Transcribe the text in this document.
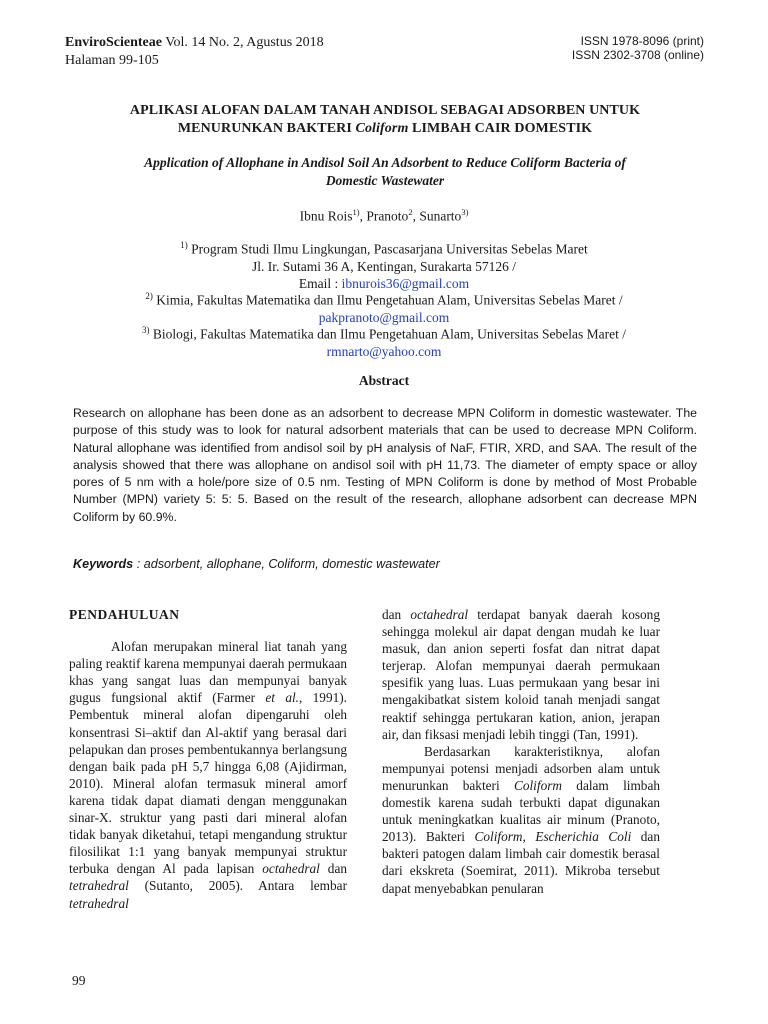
EnviroScienteae Vol. 14 No. 2, Agustus 2018
Halaman 99-105
ISSN 1978-8096 (print)
ISSN 2302-3708 (online)
APLIKASI ALOFAN DALAM TANAH ANDISOL SEBAGAI ADSORBEN UNTUK
MENURUNKAN BAKTERI Coliform LIMBAH CAIR DOMESTIK
Application of Allophane in Andisol Soil An Adsorbent to Reduce Coliform Bacteria of
Domestic Wastewater
Ibnu Rois$^{1)}$, Pranoto$^2$, Sunarto$^{3)}$
$^{1)}$ Program Studi Ilmu Lingkungan, Pascasarjana Universitas Sebelas Maret
Jl. Ir. Sutami 36 A, Kentingan, Surakarta 57126 /
Email : ibnurois36@gmail.com
$^{2)}$ Kimia, Fakultas Matematika dan Ilmu Pengetahuan Alam, Universitas Sebelas Maret /
pakpranoto@gmail.com
$^{3)}$ Biologi, Fakultas Matematika dan Ilmu Pengetahuan Alam, Universitas Sebelas Maret /
rmnarto@yahoo.com
Abstract
Research on allophane has been done as an adsorbent to decrease MPN Coliform in domestic wastewater. The purpose of this study was to look for natural adsorbent materials that can be used to decrease MPN Coliform. Natural allophane was identified from andisol soil by pH analysis of NaF, FTIR, XRD, and SAA. The result of the analysis showed that there was allophane on andisol soil with pH 11,73. The diameter of empty space or alloy pores of 5 nm with a hole/pore size of 0.5 nm. Testing of MPN Coliform is done by method of Most Probable Number (MPN) variety 5: 5: 5. Based on the result of the research, allophane adsorbent can decrease MPN Coliform by 60.9%.
Keywords : adsorbent, allophane, Coliform, domestic wastewater

PENDAHULUAN

Alofan merupakan mineral liat tanah yang paling reaktif karena mempunyai daerah permukaan khas yang sangat luas dan mempunyai banyak gugus fungsional aktif (Farmer et al., 1991). Pembentuk mineral alofan dipengaruhi oleh konsentrasi Si–aktif dan Al-aktif yang berasal dari pelapukan dan proses pembentukannya berlangsung dengan baik pada pH 5,7 hingga 6,08 (Ajidirman, 2010). Mineral alofan termasuk mineral amorf karena tidak dapat diamati dengan menggunakan sinar-X. struktur yang pasti dari mineral alofan tidak banyak diketahui, tetapi mengandung struktur filosilikat 1:1 yang banyak mempunyai struktur terbuka dengan Al pada lapisan octahedral dan tetrahedral (Sutanto, 2005). Antara lembar tetrahedral

dan octahedral terdapat banyak daerah kosong sehingga molekul air dapat dengan mudah ke luar masuk, dan anion seperti fosfat dan nitrat dapat terjerap. Alofan mempunyai daerah permukaan spesifik yang luas. Luas permukaan yang besar ini mengakibatkat sistem koloid tanah menjadi sangat reaktif sehingga pertukaran kation, anion, jerapan air, dan fiksasi menjadi lebih tinggi (Tan, 1991).

Berdasarkan karakteristiknya, alofan mempunyai potensi menjadi adsorben alam untuk menurunkan bakteri Coliform dalam limbah domestik karena sudah terbukti dapat digunakan untuk meningkatkan kualitas air minum (Pranoto, 2013). Bakteri Coliform, Escherichia Coli dan bakteri patogen dalam limbah cair domestik berasal dari ekskreta (Soemirat, 2011). Mikroba tersebut dapat menyebabkan penularan

99
